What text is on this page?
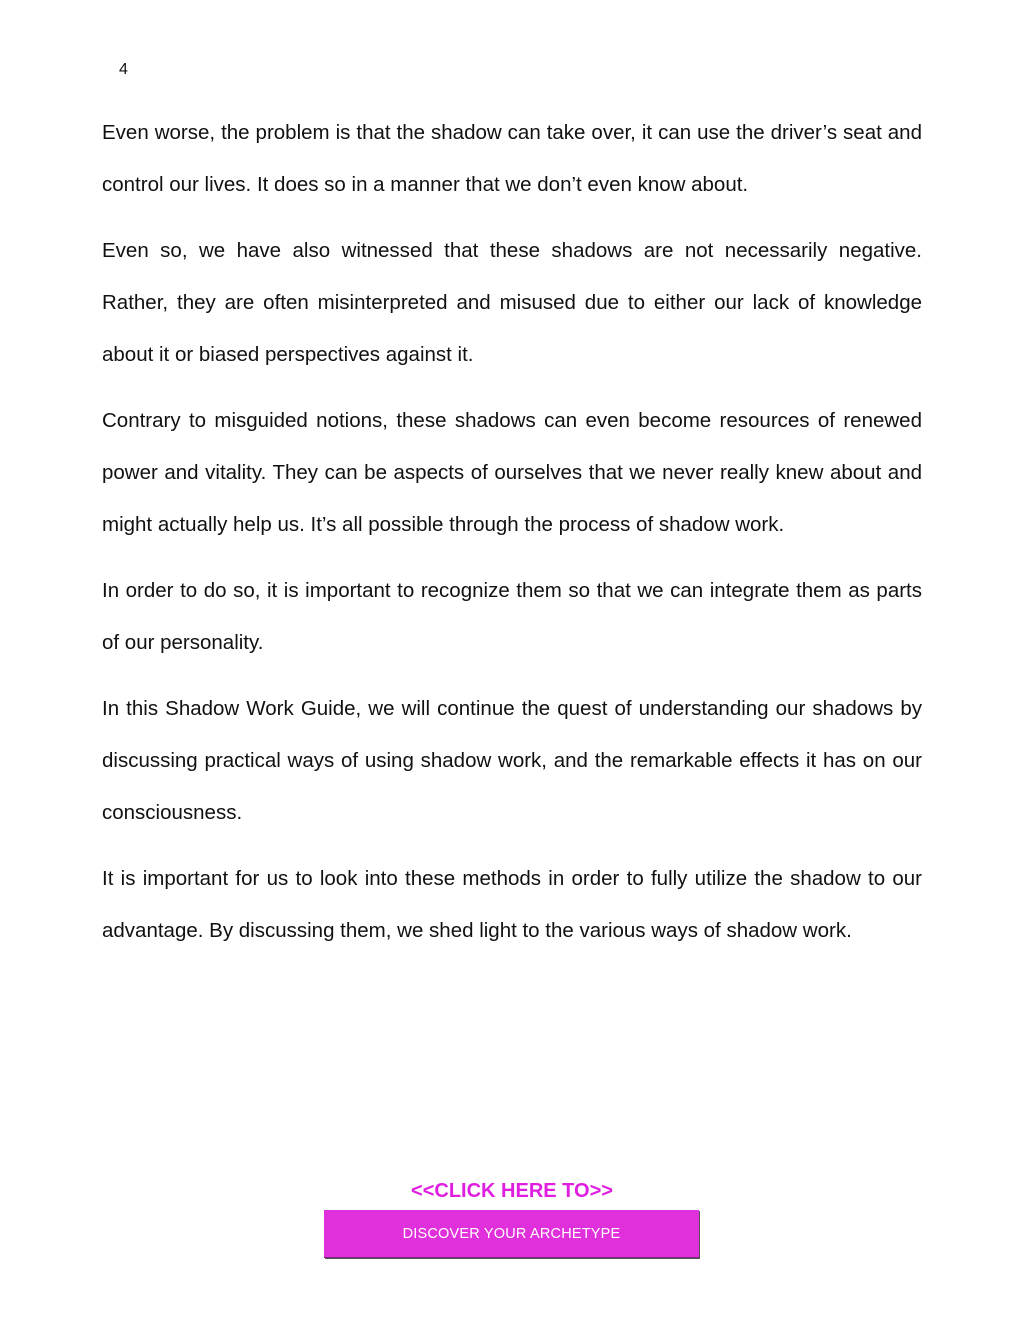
4

Even worse, the problem is that the shadow can take over, it can use the driver’s seat and control our lives. It does so in a manner that we don’t even know about.

Even so, we have also witnessed that these shadows are not necessarily negative. Rather, they are often misinterpreted and misused due to either our lack of knowledge about it or biased perspectives against it.

Contrary to misguided notions, these shadows can even become resources of renewed power and vitality. They can be aspects of ourselves that we never really knew about and might actually help us. It’s all possible through the process of shadow work.

In order to do so, it is important to recognize them so that we can integrate them as parts of our personality.

In this Shadow Work Guide, we will continue the quest of understanding our shadows by discussing practical ways of using shadow work, and the remarkable effects it has on our consciousness.

It is important for us to look into these methods in order to fully utilize the shadow to our advantage. By discussing them, we shed light to the various ways of shadow work.

<<CLICK HERE TO>>
DISCOVER YOUR ARCHETYPE
